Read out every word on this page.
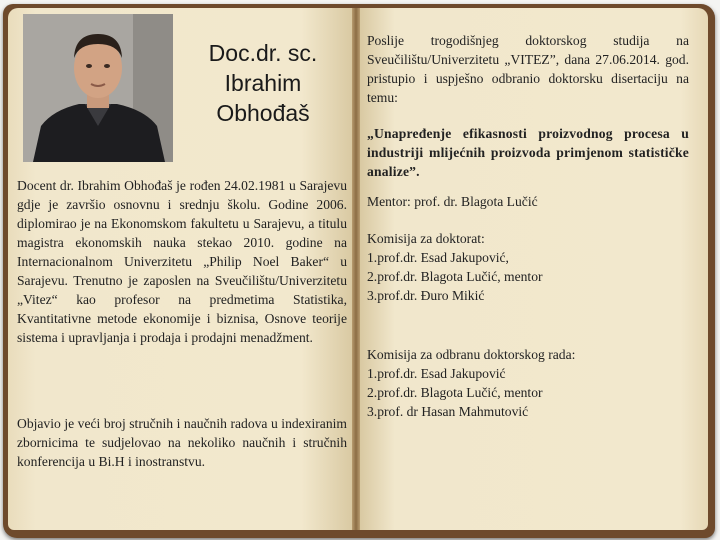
Doc.dr. sc.
Ibrahim
Obhođaš

Docent dr. Ibrahim Obhođaš je rođen 24.02.1981 u Sarajevu gdje je završio osnovnu i srednju školu. Godine 2006. diplomirao je na Ekonomskom fakultetu u Sarajevu, a titulu magistra ekonomskih nauka stekao 2010. godine na Internacionalnom Univerzitetu „Philip Noel Baker“ u Sarajevu. Trenutno je zaposlen na Sveučilištu/Univerzitetu „Vitez“ kao profesor na predmetima Statistika, Kvantitativne metode ekonomije i biznisa, Osnove teorije sistema i upravljanja i prodaja i prodajni menadžment.

Objavio je veći broj stručnih i naučnih radova u indexiranim zbornicima te sudjelovao na nekoliko naučnih i stručnih konferencija u Bi.H i inostranstvu.

Poslije trogodišnjeg doktorskog studija na Sveučilištu/Univerzitetu „VITEZ”, dana 27.06.2014. god. pristupio i uspješno odbranio doktorsku disertaciju na temu:

„Unapređenje efikasnosti proizvodnog procesa u industriji mlijećnih proizvoda primjenom statističke analize”.

Mentor: prof. dr. Blagota Lučić

Komisija za doktorat:
1.prof.dr. Esad Jakupović,
2.prof.dr. Blagota Lučić, mentor
3.prof.dr. Đuro Mikić
Komisija za odbranu doktorskog rada:
1.prof.dr. Esad Jakupović
2.prof.dr. Blagota Lučić, mentor
3.prof. dr Hasan Mahmutović
